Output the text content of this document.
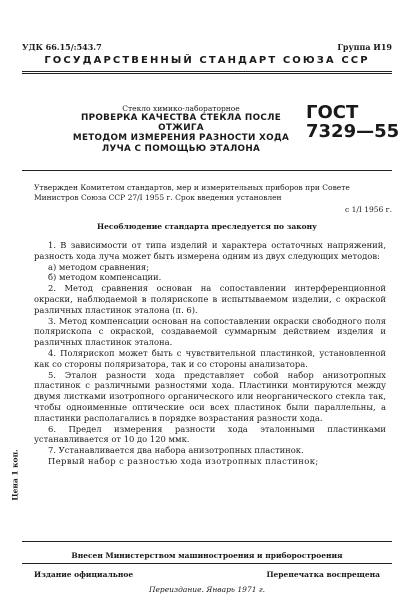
УДК 66.15/:543.7	Группа И19
ГОСУДАРСТВЕННЫЙ СТАНДАРТ СОЮЗА ССР
Стекло химико-лабораторное
ПРОВЕРКА КАЧЕСТВА СТЕКЛА ПОСЛЕ ОТЖИГА
МЕТОДОМ ИЗМЕРЕНИЯ РАЗНОСТИ ХОДА
ЛУЧА С ПОМОЩЬЮ ЭТАЛОНА
ГОСТ
7329—55
Утвержден Комитетом стандартов, мер и измерительных приборов при Совете Министров Союза ССР 27/I 1955 г. Срок введения установлен
с 1/I 1956 г.
Несоблюдение стандарта преследуется по закону

1. В зависимости от типа изделий и характера остаточных напряжений, разность хода луча может быть измерена одним из двух следующих методов:

а) методом сравнения;

б) методом компенсации.

2. Метод сравнения основан на сопоставлении интерференционной окраски, наблюдаемой в полярископе в испытываемом изделии, с окраской различных пластинок эталона (п. 6).

3. Метод компенсации основан на сопоставлении окраски свободного поля полярископа с окраской, создаваемой суммарным действием изделия и различных пластинок эталона.

4. Полярископ может быть с чувствительной пластинкой, установленной как со стороны поляризатора, так и со стороны анализатора.

5. Эталон разности хода представляет собой набор анизотропных пластинок с различными разностями хода. Пластинки монтируются между двумя листками изотропного органического или неорганического стекла так, чтобы одноименные оптические оси всех пластинок были параллельны, а пластинки располагались в порядке возрастания разности хода.

6. Предел измерения разности хода эталонными пластинками устанавливается от 10 до 120 ммк.

7. Устанавливается два набора анизотропных пластинок.

Первый набор с разностью хода изотропных пластинок;

Цена 1 коп.
Внесен Министерством машиностроения и приборостроения
Издание официальное	Перепечатка воспрещена
Переиздание. Январь 1971 г.
